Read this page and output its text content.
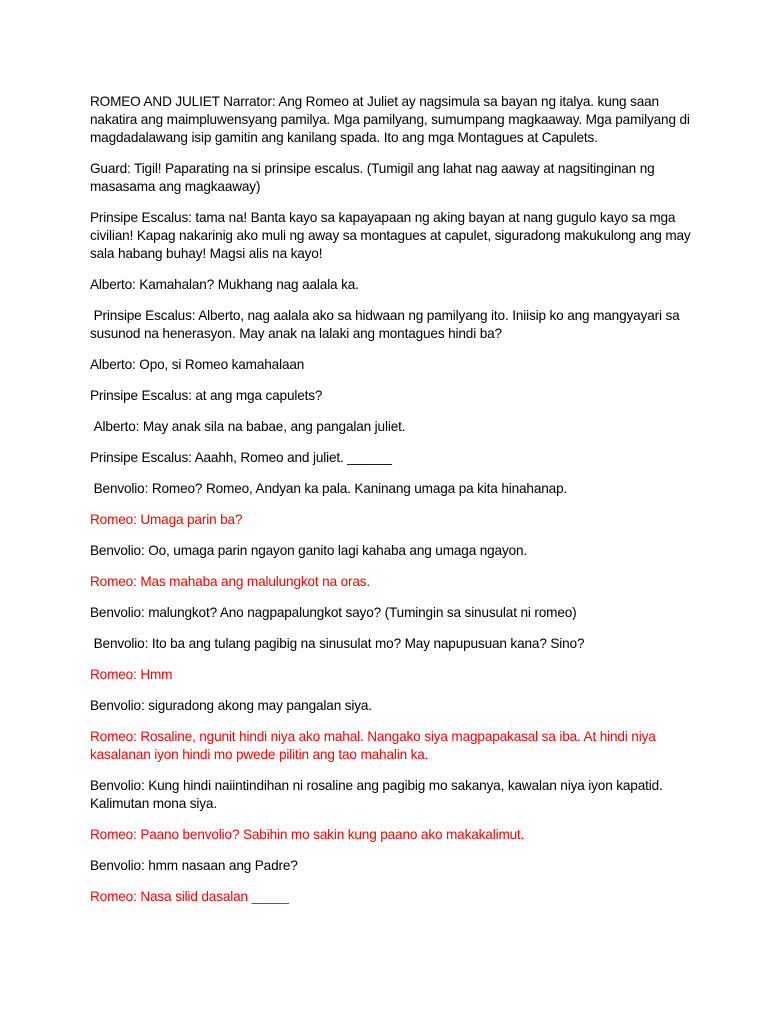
ROMEO AND JULIET Narrator: Ang Romeo at Juliet ay nagsimula sa bayan ng italya. kung saan nakatira ang maimpluwensyang pamilya. Mga pamilyang, sumumpang magkaaway. Mga pamilyang di magdadalawang isip gamitin ang kanilang spada. Ito ang mga Montagues at Capulets.

Guard: Tigil! Paparating na si prinsipe escalus. (Tumigil ang lahat nag aaway at nagsitinginan ng masasama ang magkaaway)

Prinsipe Escalus: tama na! Banta kayo sa kapayapaan ng aking bayan at nang gugulo kayo sa mga civilian! Kapag nakarinig ako muli ng away sa montagues at capulet, siguradong makukulong ang may sala habang buhay! Magsi alis na kayo!

Alberto: Kamahalan? Mukhang nag aalala ka.

Prinsipe Escalus: Alberto, nag aalala ako sa hidwaan ng pamilyang ito. Iniisip ko ang mangyayari sa susunod na henerasyon. May anak na lalaki ang montagues hindi ba?

Alberto: Opo, si Romeo kamahalaan

Prinsipe Escalus: at ang mga capulets?

Alberto: May anak sila na babae, ang pangalan juliet.

Prinsipe Escalus: Aaahh, Romeo and juliet. ______

Benvolio: Romeo? Romeo, Andyan ka pala. Kaninang umaga pa kita hinahanap.

Romeo: Umaga parin ba?

Benvolio: Oo, umaga parin ngayon ganito lagi kahaba ang umaga ngayon.

Romeo: Mas mahaba ang malulungkot na oras.

Benvolio: malungkot? Ano nagpapalungkot sayo? (Tumingin sa sinusulat ni romeo)

Benvolio: Ito ba ang tulang pagibig na sinusulat mo? May napupusuan kana? Sino?

Romeo: Hmm

Benvolio: siguradong akong may pangalan siya.

Romeo: Rosaline, ngunit hindi niya ako mahal. Nangako siya magpapakasal sa iba. At hindi niya kasalanan iyon hindi mo pwede pilitin ang tao mahalin ka.

Benvolio: Kung hindi naiintindihan ni rosaline ang pagibig mo sakanya, kawalan niya iyon kapatid. Kalimutan mona siya.

Romeo: Paano benvolio? Sabihin mo sakin kung paano ako makakalimut.

Benvolio: hmm nasaan ang Padre?

Romeo: Nasa silid dasalan _____
